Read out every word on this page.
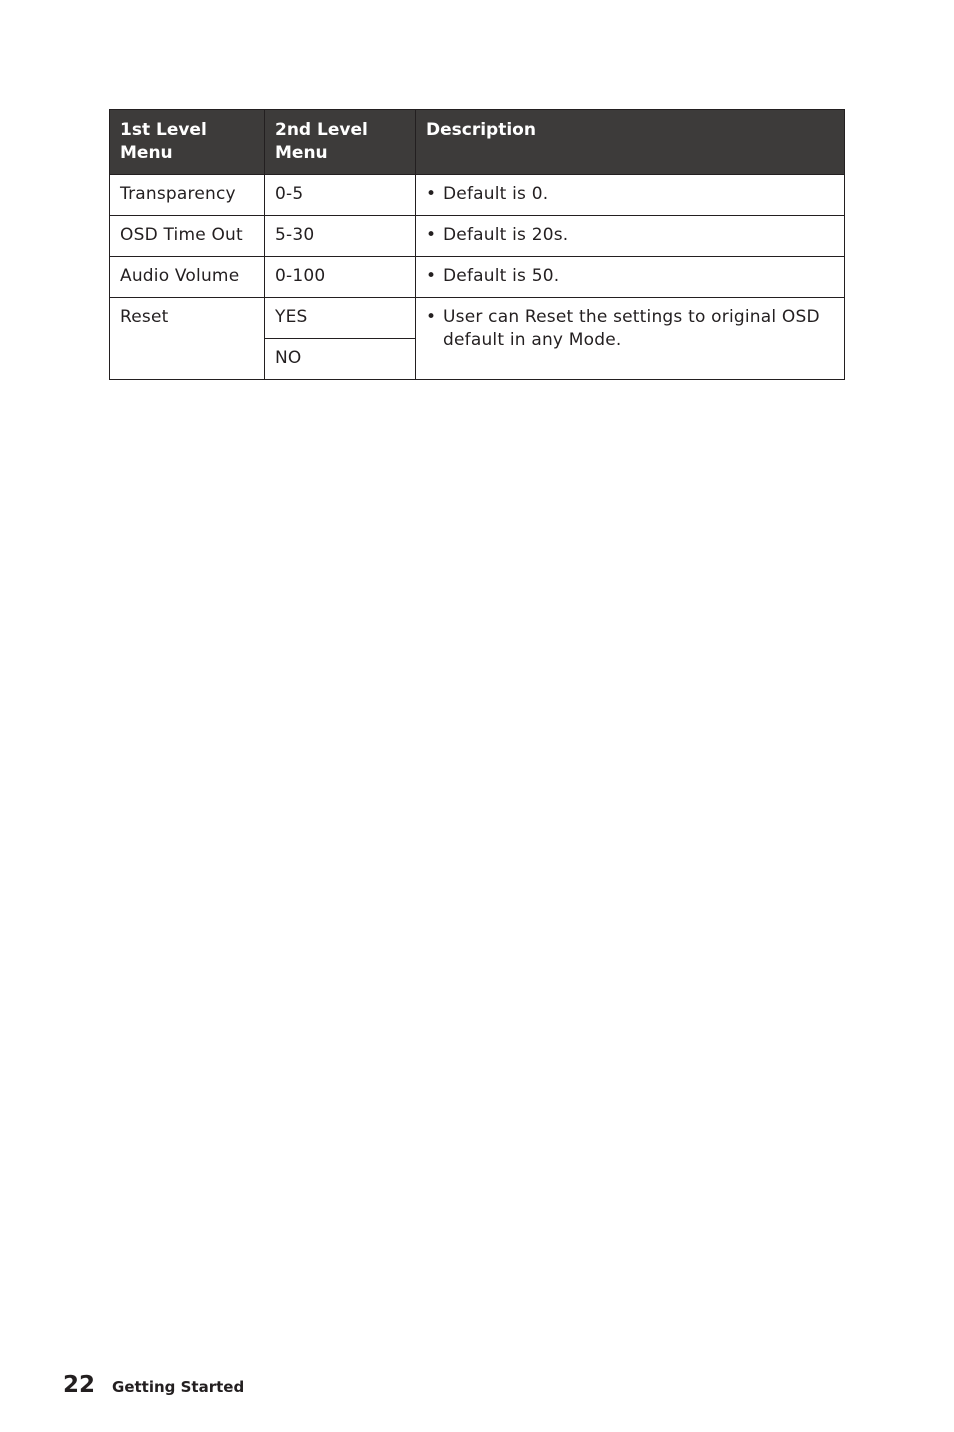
1st Level Menu	2nd Level Menu	Description
Transparency	0-5	• Default is 0.

OSD Time Out	5-30	• Default is 20s.

Audio Volume	0-100	• Default is 50.

Reset	YES	• User can Reset the settings to original OSD default in any Mode.

	NO	
22 Getting Started
